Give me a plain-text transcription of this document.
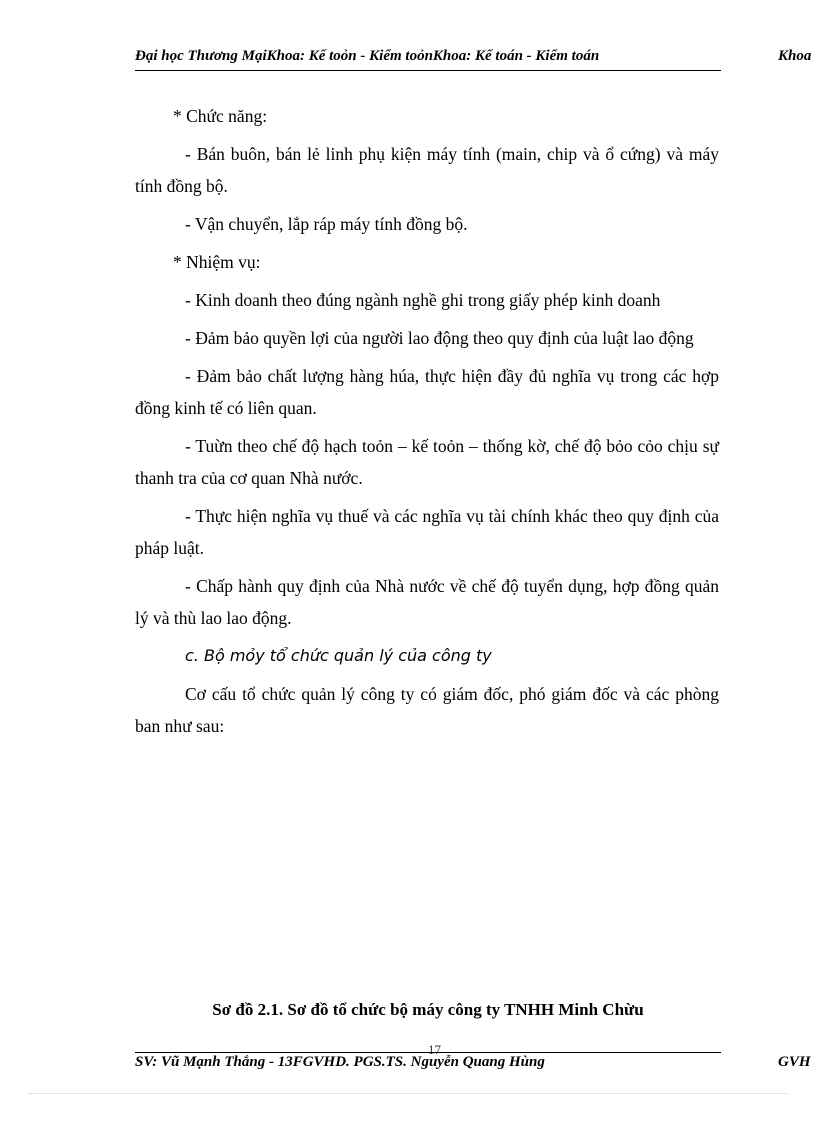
Đại học Thương MạiKhoa: Kế toỏn - Kiểm toỏnKhoa: Kế toán - Kiểm toán	Khoa

* Chức năng:

- Bán buôn, bán lẻ linh phụ kiện máy tính (main, chip và ổ cứng) và máy tính đồng bộ.

- Vận chuyển, lắp ráp máy tính đồng bộ.

* Nhiệm vụ:

- Kinh doanh theo đúng ngành nghề ghi trong giấy phép kinh doanh

- Đảm bảo quyền lợi của người lao động theo quy định của luật lao động

- Đảm bảo chất lượng hàng húa, thực hiện đầy đủ nghĩa vụ trong các hợp đồng kinh tế có liên quan.

- Tuừn theo chế độ hạch toỏn – kế toỏn – thống kờ, chế độ bỏo cỏo chịu sự thanh tra của cơ quan Nhà nước.

- Thực hiện nghĩa vụ thuế và các nghĩa vụ tài chính khác theo quy định của pháp luật.

- Chấp hành quy định của Nhà nước về chế độ tuyển dụng, hợp đồng quản lý và thù lao lao động.

c. Bộ mỏy tổ chức quản lý của công ty

Cơ cấu tổ chức quản lý công ty có giám đốc, phó giám đốc và các phòng ban như sau:

Sơ đồ 2.1. Sơ đồ tổ chức bộ máy công ty TNHH Minh Chừu
17
SV: Vũ Mạnh Thắng - 13FGVHD. PGS.TS. Nguyễn Quang Hùng	GVH
